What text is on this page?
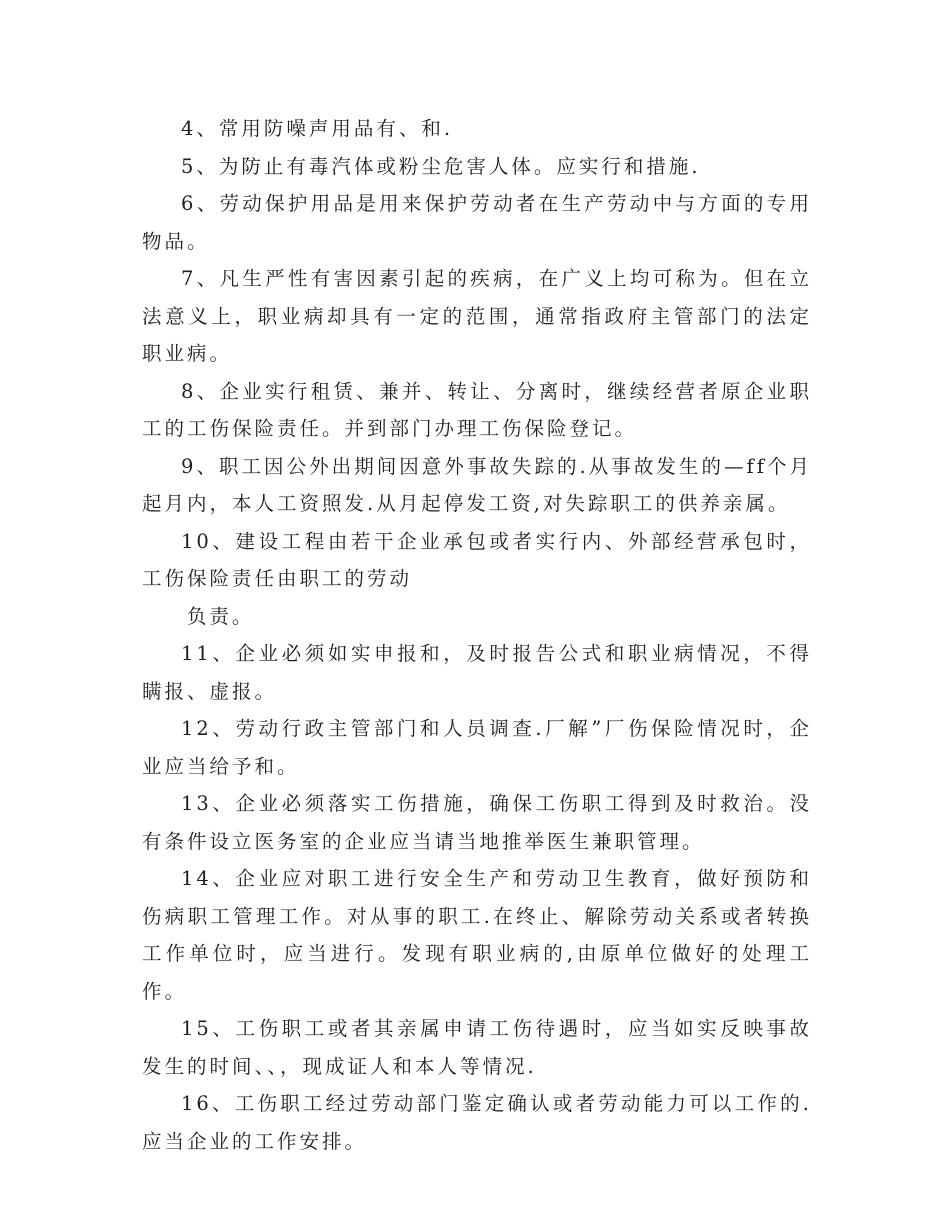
4、常用防噪声用品有、和.

5、为防止有毒汽体或粉尘危害人体。应实行和措施.

6、劳动保护用品是用来保护劳动者在生产劳动中与方面的专用物品。

7、凡生严性有害因素引起的疾病，在广义上均可称为。但在立法意义上，职业病却具有一定的范围，通常指政府主管部门的法定职业病。

8、企业实行租赁、兼并、转让、分离时，继续经营者原企业职工的工伤保险责任。并到部门办理工伤保险登记。

9、职工因公外出期间因意外事故失踪的.从事故发生的—ff个月起月内，本人工资照发.从月起停发工资,对失踪职工的供养亲属。

10、建设工程由若干企业承包或者实行内、外部经营承包时，工伤保险责任由职工的劳动

负责。

11、企业必须如实申报和，及时报告公式和职业病情况，不得瞒报、虚报。

12、劳动行政主管部门和人员调查.厂解”厂伤保险情况时，企业应当给予和。

13、企业必须落实工伤措施，确保工伤职工得到及时救治。没有条件设立医务室的企业应当请当地推举医生兼职管理。

14、企业应对职工进行安全生产和劳动卫生教育，做好预防和伤病职工管理工作。对从事的职工.在终止、解除劳动关系或者转换工作单位时，应当进行。发现有职业病的,由原单位做好的处理工作。

15、工伤职工或者其亲属申请工伤待遇时，应当如实反映事故发生的时间、、，现成证人和本人等情况.

16、工伤职工经过劳动部门鉴定确认或者劳动能力可以工作的.应当企业的工作安排。
